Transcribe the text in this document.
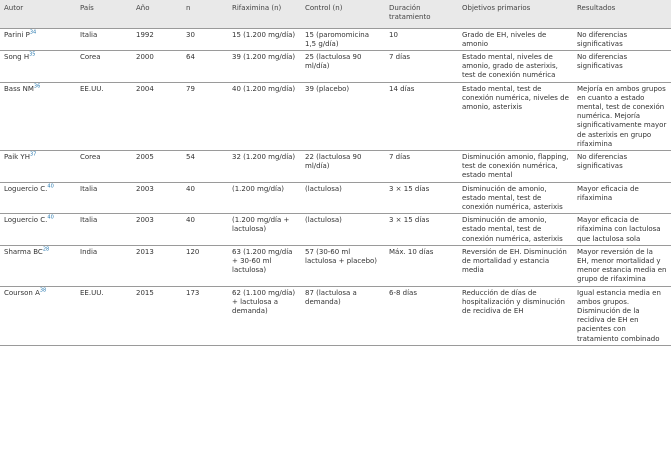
Autor	País	Año	n	Rifaximina (n)	Control (n)	Duración tratamiento	Objetivos primarios	Resultados
Parini $P^{34}$	Italia	1992	30	15 (1.200 mg/día)	15 (paromomicina 1,5 g/día)	10	Grado de EH, niveles de amonio	No diferencias significativas
Song $H^{35}$	Corea	2000	64	39 (1.200 mg/día)	25 (lactulosa 90 ml/día)	7 días	Estado mental, niveles de amonio, grado de asterixis, test de conexión numérica	No diferencias significativas
Bass NM$^{36}$	EE.UU.	2004	79	40 (1.200 mg/día)	39 (placebo)	14 días	Estado mental, test de conexión numérica, niveles de amonio, asterixis	Mejoría en ambos grupos en cuanto a estado mental, test de conexión numérica. Mejoría significativamente mayor de asterixis en grupo rifaximina
Paik YH$^{37}$	Corea	2005	54	32 (1.200 mg/día)	22 (lactulosa 90 ml/día)	7 días	Disminución amonio, flapping, test de conexión numérica, estado mental	No diferencias significativas
Loguercio C.$^{40}$	Italia	2003	40	(1.200 mg/día)	(lactulosa)	3 × 15 días	Disminución de amonio, estado mental, test de conexión numérica, asterixis	Mayor eficacia de rifaximina
Loguercio C.$^{40}$	Italia	2003	40	(1.200 mg/día + lactulosa)	(lactulosa)	3 × 15 días	Disminución de amonio, estado mental, test de conexión numérica, asterixis	Mayor eficacia de rifaximina con lactulosa que lactulosa sola
Sharma BC$^{28}$	India	2013	120	63 (1.200 mg/día + 30-60 ml lactulosa)	57 (30-60 ml lactulosa + placebo)	Máx. 10 días	Reversión de EH. Disminución de mortalidad y estancia media	Mayor reversión de la EH, menor mortalidad y menor estancia media en grupo de rifaximina
Courson $A^{38}$	EE.UU.	2015	173	62 (1.100 mg/día) + lactulosa a demanda)	87 (lactulosa a demanda)	6-8 días	Reducción de días de hospitalización y disminución de recidiva de EH	Igual estancia media en ambos grupos. Disminución de la recidiva de EH en pacientes con tratamiento combinado
